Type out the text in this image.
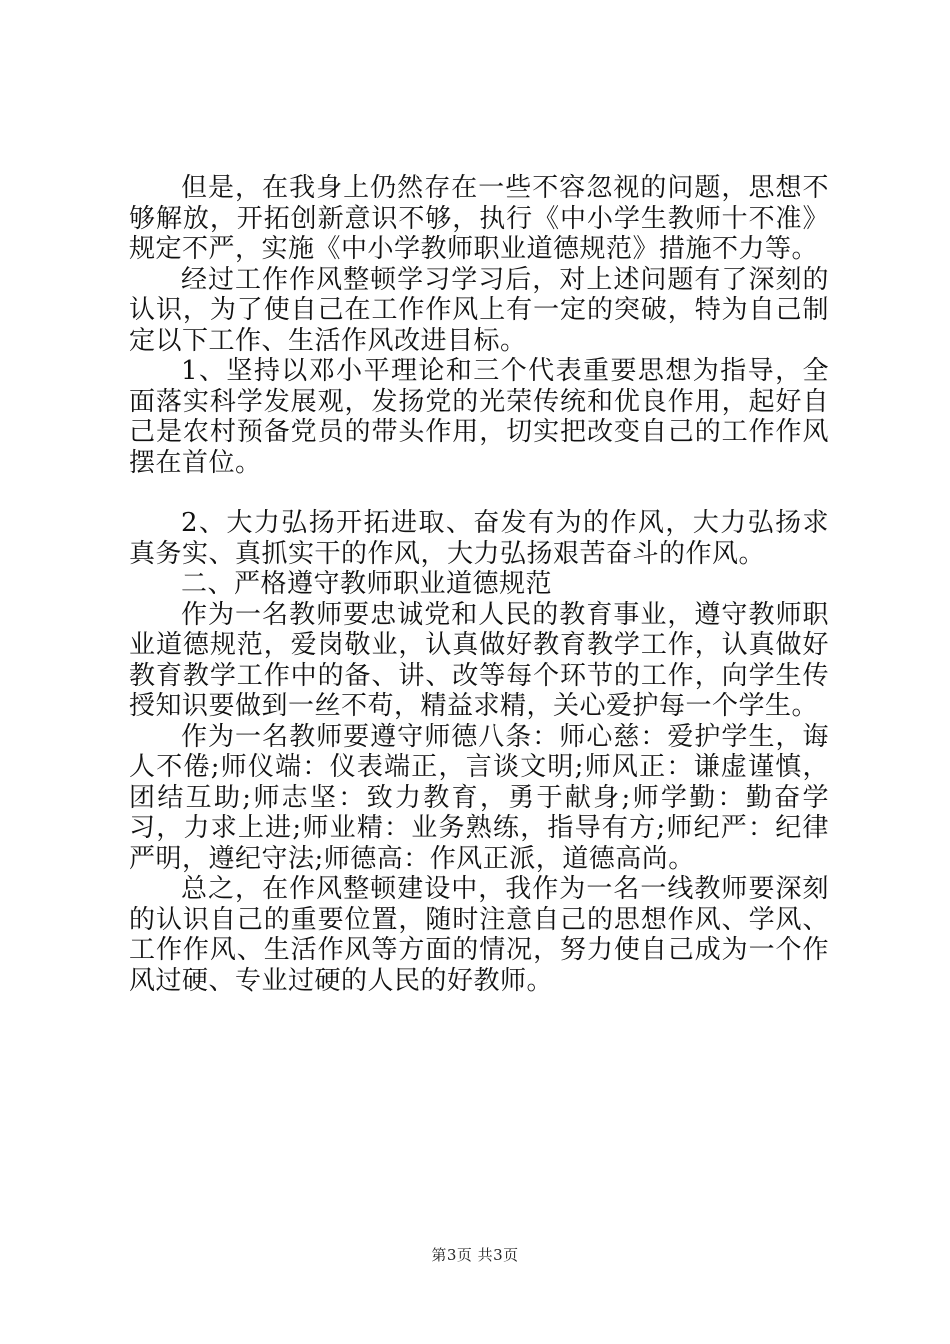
但是，在我身上仍然存在一些不容忽视的问题，思想不够解放，开拓创新意识不够，执行《中小学生教师十不准》规定不严，实施《中小学教师职业道德规范》措施不力等。

经过工作作风整顿学习学习后，对上述问题有了深刻的认识，为了使自己在工作作风上有一定的突破，特为自己制定以下工作、生活作风改进目标。

1、坚持以邓小平理论和三个代表重要思想为指导，全面落实科学发展观，发扬党的光荣传统和优良作用，起好自己是农村预备党员的带头作用，切实把改变自己的工作作风摆在首位。

2、大力弘扬开拓进取、奋发有为的作风，大力弘扬求真务实、真抓实干的作风，大力弘扬艰苦奋斗的作风。

二、严格遵守教师职业道德规范

作为一名教师要忠诚党和人民的教育事业，遵守教师职业道德规范，爱岗敬业，认真做好教育教学工作，认真做好教育教学工作中的备、讲、改等每个环节的工作，向学生传授知识要做到一丝不苟，精益求精，关心爱护每一个学生。

作为一名教师要遵守师德八条：师心慈：爱护学生，诲人不倦;师仪端：仪表端正，言谈文明;师风正：谦虚谨慎，团结互助;师志坚：致力教育，勇于献身;师学勤：勤奋学习，力求上进;师业精：业务熟练，指导有方;师纪严：纪律严明，遵纪守法;师德高：作风正派，道德高尚。

总之，在作风整顿建设中，我作为一名一线教师要深刻的认识自己的重要位置，随时注意自己的思想作风、学风、工作作风、生活作风等方面的情况，努力使自己成为一个作风过硬、专业过硬的人民的好教师。

第3页 共3页
